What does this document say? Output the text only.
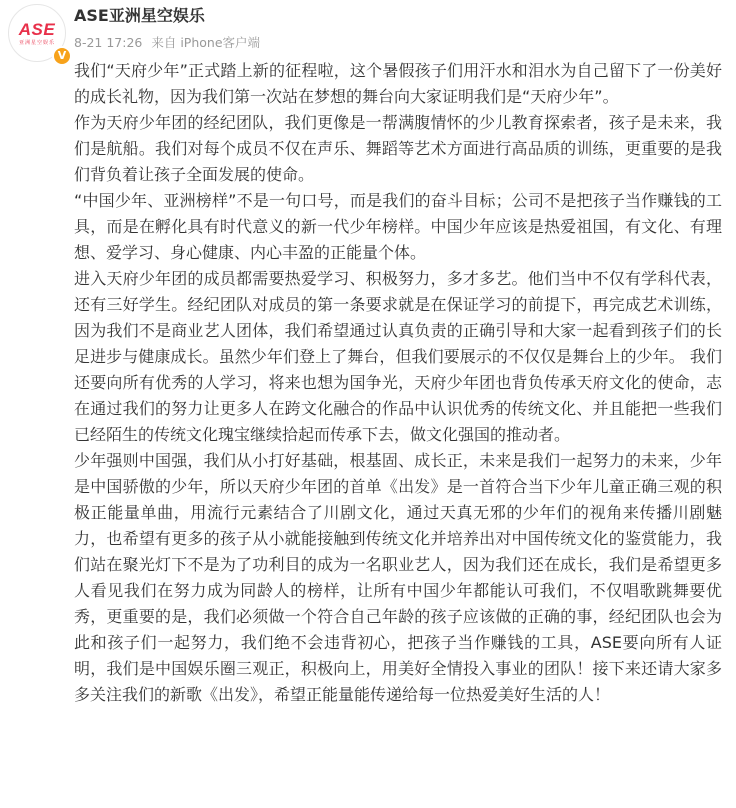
ASE
亚洲星空娱乐
V
ASE亚洲星空娱乐
8-21 17:26 来自 iPhone客户端

我们“天府少年”正式踏上新的征程啦，这个暑假孩子们用汗水和泪水为自己留下了一份美好的成长礼物，因为我们第一次站在梦想的舞台向大家证明我们是“天府少年”。

作为天府少年团的经纪团队，我们更像是一帮满腹情怀的少儿教育探索者，孩子是未来，我们是航船。我们对每个成员不仅在声乐、舞蹈等艺术方面进行高品质的训练，更重要的是我们背负着让孩子全面发展的使命。

“中国少年、亚洲榜样”不是一句口号，而是我们的奋斗目标；公司不是把孩子当作赚钱的工具，而是在孵化具有时代意义的新一代少年榜样。中国少年应该是热爱祖国，有文化、有理想、爱学习、身心健康、内心丰盈的正能量个体。

进入天府少年团的成员都需要热爱学习、积极努力，多才多艺。他们当中不仅有学科代表，还有三好学生。经纪团队对成员的第一条要求就是在保证学习的前提下，再完成艺术训练，因为我们不是商业艺人团体，我们希望通过认真负责的正确引导和大家一起看到孩子们的长足进步与健康成长。虽然少年们登上了舞台，但我们要展示的不仅仅是舞台上的少年。 我们还要向所有优秀的人学习，将来也想为国争光，天府少年团也背负传承天府文化的使命，志在通过我们的努力让更多人在跨文化融合的作品中认识优秀的传统文化、并且能把一些我们已经陌生的传统文化瑰宝继续拾起而传承下去，做文化强国的推动者。

少年强则中国强，我们从小打好基础，根基固、成长正，未来是我们一起努力的未来，少年是中国骄傲的少年，所以天府少年团的首单《出发》是一首符合当下少年儿童正确三观的积极正能量单曲，用流行元素结合了川剧文化，通过天真无邪的少年们的视角来传播川剧魅力，也希望有更多的孩子从小就能接触到传统文化并培养出对中国传统文化的鉴赏能力，我们站在聚光灯下不是为了功利目的成为一名职业艺人，因为我们还在成长，我们是希望更多人看见我们在努力成为同龄人的榜样，让所有中国少年都能认可我们，不仅唱歌跳舞要优秀，更重要的是，我们必须做一个符合自己年龄的孩子应该做的正确的事，经纪团队也会为此和孩子们一起努力，我们绝不会违背初心，把孩子当作赚钱的工具，ASE要向所有人证明，我们是中国娱乐圈三观正，积极向上，用美好全情投入事业的团队！接下来还请大家多多关注我们的新歌《出发》，希望正能量能传递给每一位热爱美好生活的人！
